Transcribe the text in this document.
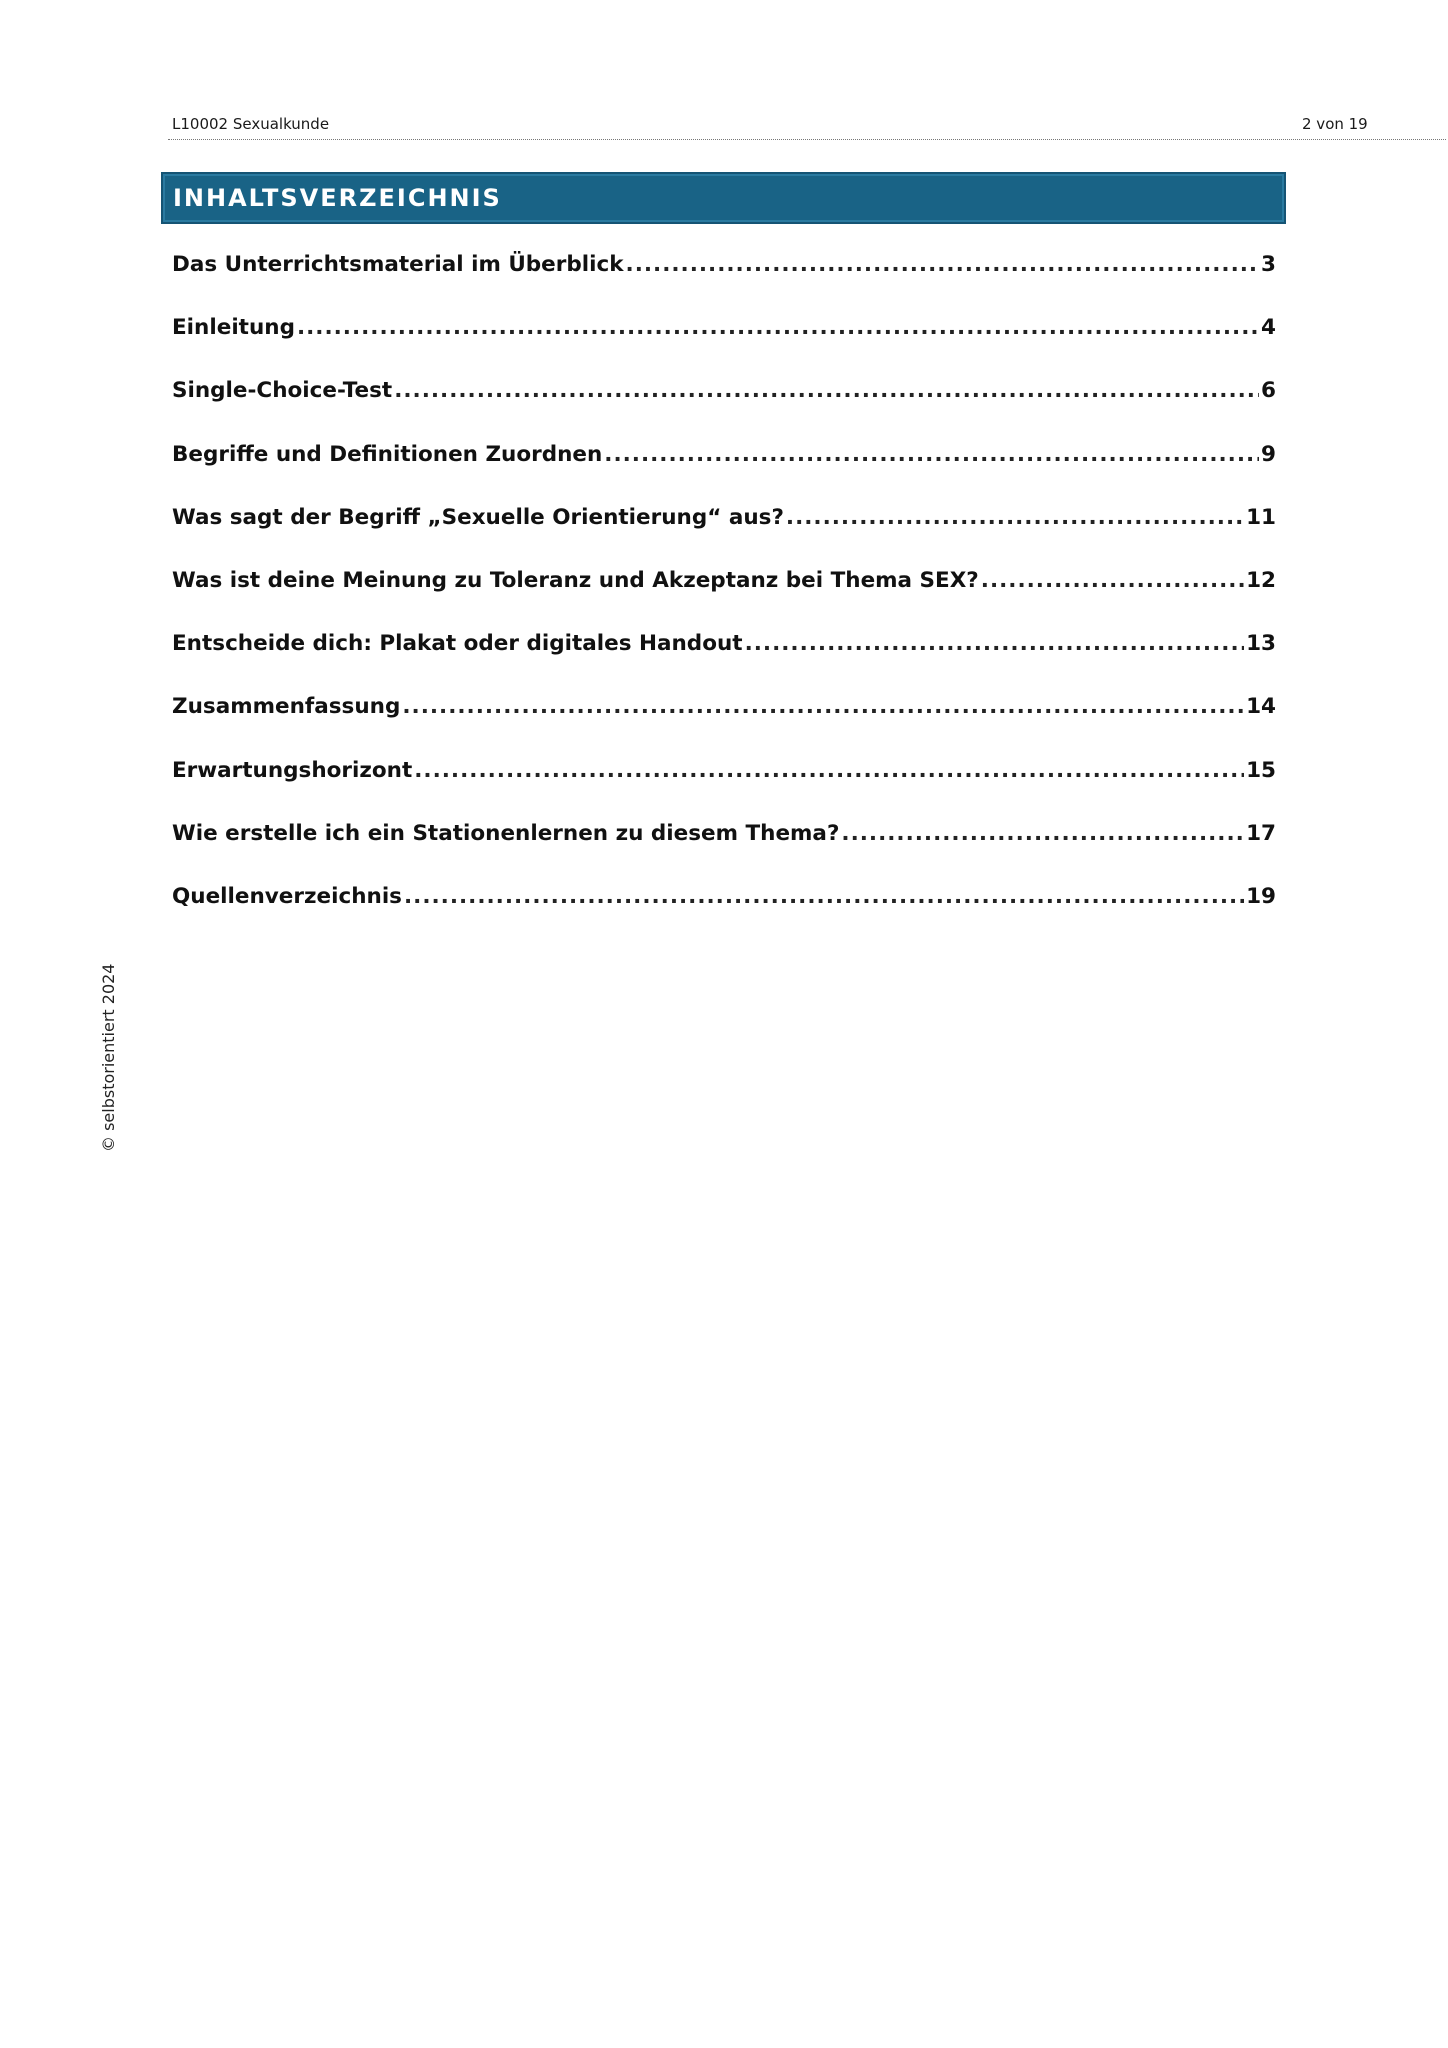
L10002 Sexualkunde	2 von 19
INHALTSVERZEICHNIS
Das Unterrichtsmaterial im Überblick .....	3
Einleitung .....	4
Single-Choice-Test .....	6
Begriffe und Definitionen Zuordnen .....	9
Was sagt der Begriff „Sexuelle Orientierung“ aus? .....	11
Was ist deine Meinung zu Toleranz und Akzeptanz bei Thema SEX? .....	12
Entscheide dich: Plakat oder digitales Handout .....	13
Zusammenfassung .....	14
Erwartungshorizont .....	15
Wie erstelle ich ein Stationenlernen zu diesem Thema? .....	17
Quellenverzeichnis .....	19
© selbstorientiert 2024
